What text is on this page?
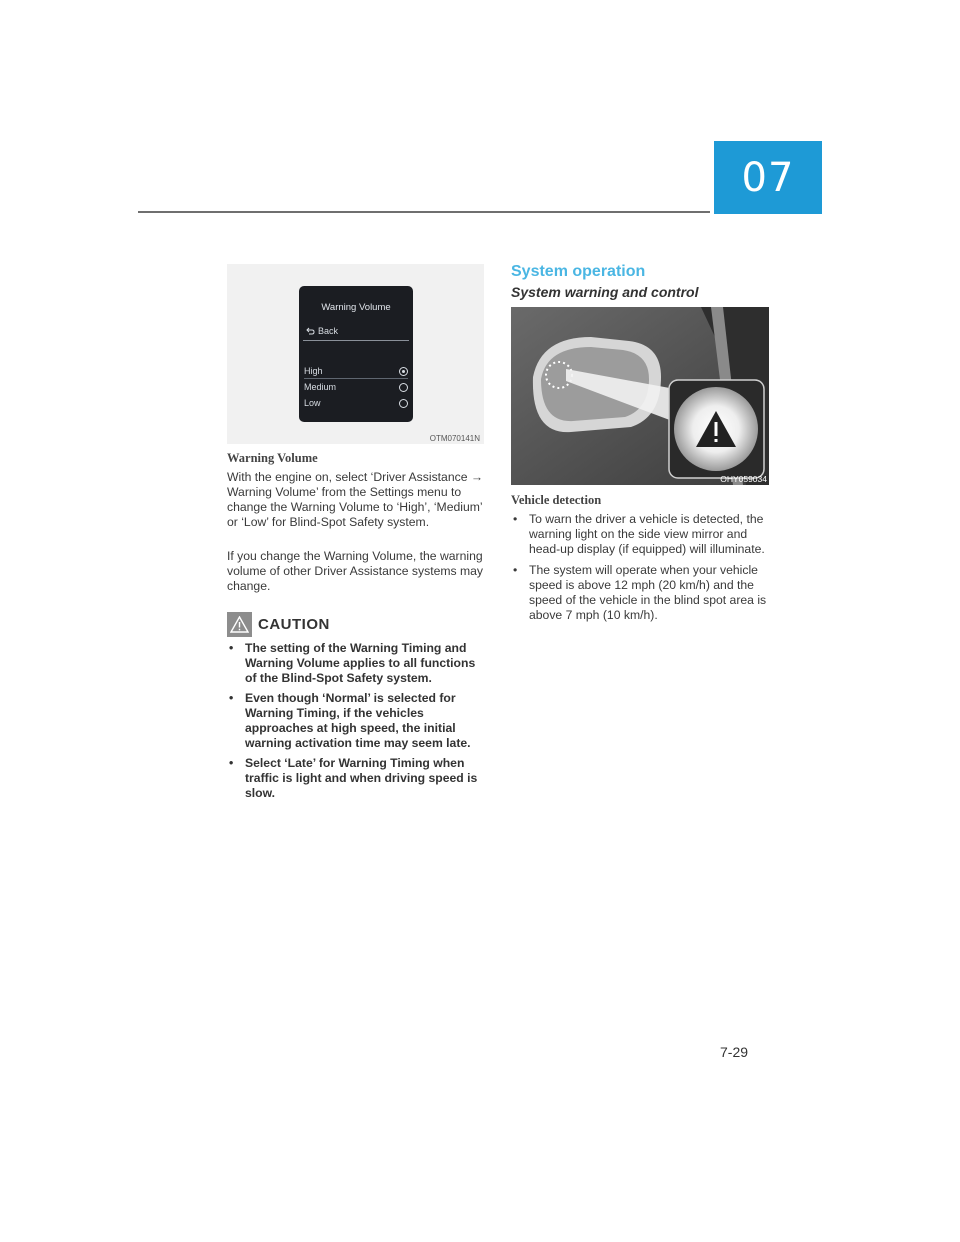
07
Warning Volume
Back
High
Medium
Low
OTM070141N
Warning Volume
With the engine on, select ‘Driver Assistance → Warning Volume’ from the Settings menu to change the Warning Volume to ‘High’, ‘Medium’ or ‘Low’ for Blind-Spot Safety system.
If you change the Warning Volume, the warning volume of other Driver Assistance systems may change.
CAUTION
• The setting of the Warning Timing and Warning Volume applies to all functions of the Blind-Spot Safety system.
• Even though ‘Normal’ is selected for Warning Timing, if the vehicles approaches at high speed, the initial warning activation time may seem late.
• Select ‘Late’ for Warning Timing when traffic is light and when driving speed is slow.
System operation
System warning and control
OHY059034
Vehicle detection
• To warn the driver a vehicle is detected, the warning light on the side view mirror and head-up display (if equipped) will illuminate.
• The system will operate when your vehicle speed is above 12 mph (20 km/h) and the speed of the vehicle in the blind spot area is above 7 mph (10 km/h).
7-29
